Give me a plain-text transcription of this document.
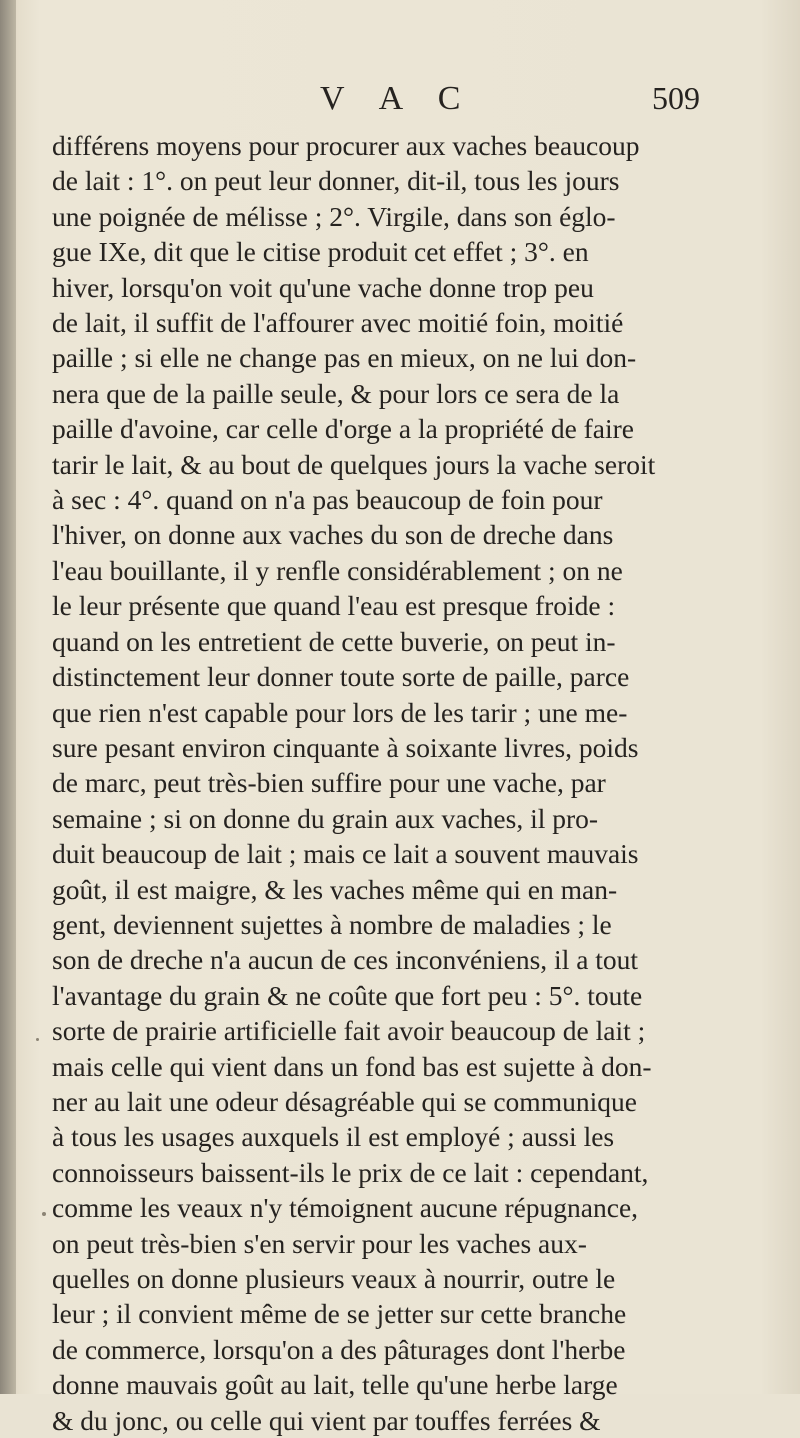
V A C	509
différens moyens pour procurer aux vaches beaucoup
de lait : 1°. on peut leur donner, dit-il, tous les jours
une poignée de mélisse ; 2°. Virgile, dans son églo-
gue IXe, dit que le citise produit cet effet ; 3°. en
hiver, lorsqu'on voit qu'une vache donne trop peu
de lait, il suffit de l'affourer avec moitié foin, moitié
paille ; si elle ne change pas en mieux, on ne lui don-
nera que de la paille seule, & pour lors ce sera de la
paille d'avoine, car celle d'orge a la propriété de faire
tarir le lait, & au bout de quelques jours la vache seroit
à sec : 4°. quand on n'a pas beaucoup de foin pour
l'hiver, on donne aux vaches du son de dreche dans
l'eau bouillante, il y renfle considérablement ; on ne
le leur présente que quand l'eau est presque froide :
quand on les entretient de cette buverie, on peut in-
distinctement leur donner toute sorte de paille, parce
que rien n'est capable pour lors de les tarir ; une me-
sure pesant environ cinquante à soixante livres, poids
de marc, peut très-bien suffire pour une vache, par
semaine ; si on donne du grain aux vaches, il pro-
duit beaucoup de lait ; mais ce lait a souvent mauvais
goût, il est maigre, & les vaches même qui en man-
gent, deviennent sujettes à nombre de maladies ; le
son de dreche n'a aucun de ces inconvéniens, il a tout
l'avantage du grain & ne coûte que fort peu : 5°. toute
sorte de prairie artificielle fait avoir beaucoup de lait ;
mais celle qui vient dans un fond bas est sujette à don-
ner au lait une odeur désagréable qui se communique
à tous les usages auxquels il est employé ; aussi les
connoisseurs baissent-ils le prix de ce lait : cependant,
comme les veaux n'y témoignent aucune répugnance,
on peut très-bien s'en servir pour les vaches aux-
quelles on donne plusieurs veaux à nourrir, outre le
leur ; il convient même de se jetter sur cette branche
de commerce, lorsqu'on a des pâturages dont l'herbe
donne mauvais goût au lait, telle qu'une herbe large
& du jonc, ou celle qui vient par touffes ferrées &
